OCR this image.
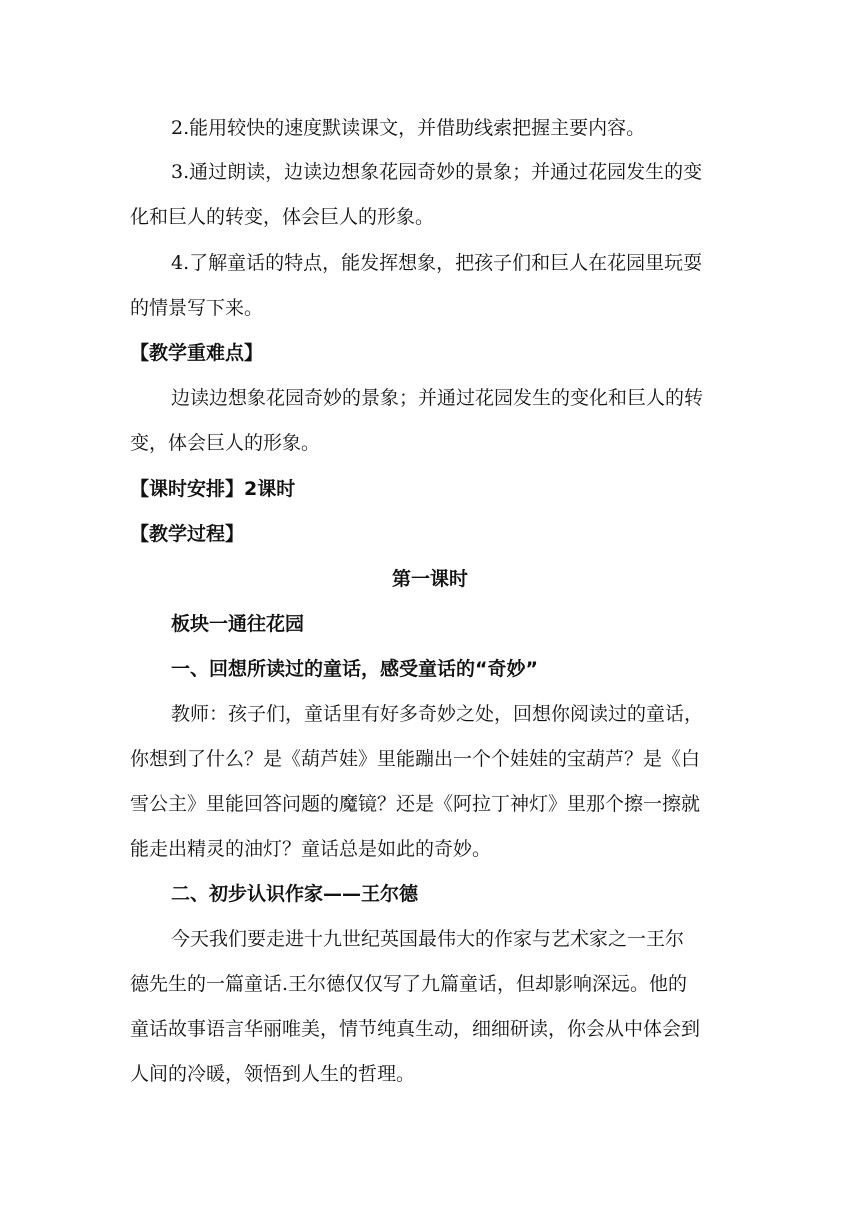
2.能用较快的速度默读课文，并借助线索把握主要内容。

3.通过朗读，边读边想象花园奇妙的景象；并通过花园发生的变

化和巨人的转变，体会巨人的形象。

4.了解童话的特点，能发挥想象，把孩子们和巨人在花园里玩耍

的情景写下来。

【教学重难点】

边读边想象花园奇妙的景象；并通过花园发生的变化和巨人的转

变，体会巨人的形象。

【课时安排】2课时

【教学过程】

第一课时

板块一通往花园

一、回想所读过的童话，感受童话的“奇妙”

教师：孩子们，童话里有好多奇妙之处，回想你阅读过的童话，

你想到了什么？是《葫芦娃》里能蹦出一个个娃娃的宝葫芦？是《白

雪公主》里能回答问题的魔镜？还是《阿拉丁神灯》里那个擦一擦就

能走出精灵的油灯？童话总是如此的奇妙。

二、初步认识作家——王尔德

今天我们要走进十九世纪英国最伟大的作家与艺术家之一王尔

德先生的一篇童话.王尔德仅仅写了九篇童话，但却影响深远。他的

童话故事语言华丽唯美，情节纯真生动，细细研读，你会从中体会到

人间的冷暖，领悟到人生的哲理。
